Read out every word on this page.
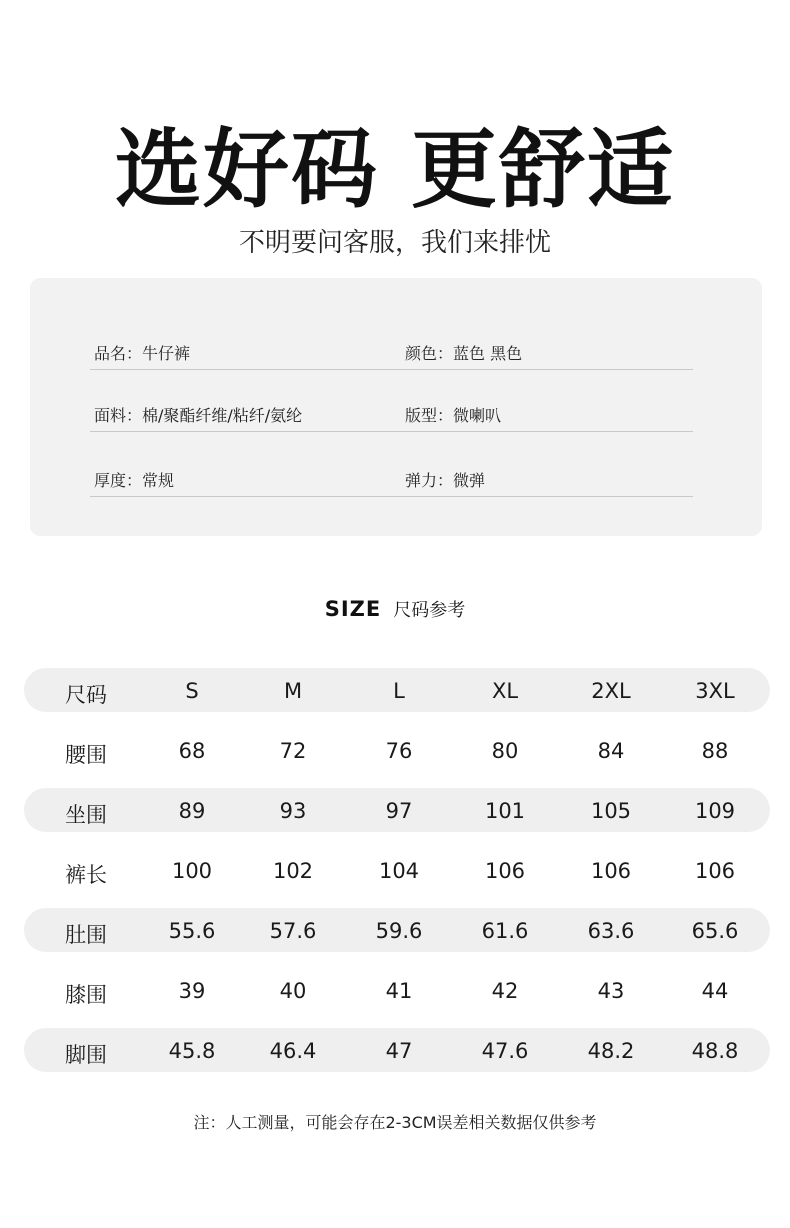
选好码 更舒适
不明要问客服，我们来排忧
品名：牛仔裤	颜色：蓝色 黑色
面料：棉/聚酯纤维/粘纤/氨纶	版型：微喇叭
厚度：常规	弹力：微弹
SIZE 尺码参考
尺码	S	M	L	XL	2XL	3XL
腰围	68	72	76	80	84	88
坐围	89	93	97	101	105	109
裤长	100	102	104	106	106	106
肚围	55.6	57.6	59.6	61.6	63.6	65.6
膝围	39	40	41	42	43	44
脚围	45.8	46.4	47	47.6	48.2	48.8
注：人工测量，可能会存在2-3CM误差相关数据仅供参考
